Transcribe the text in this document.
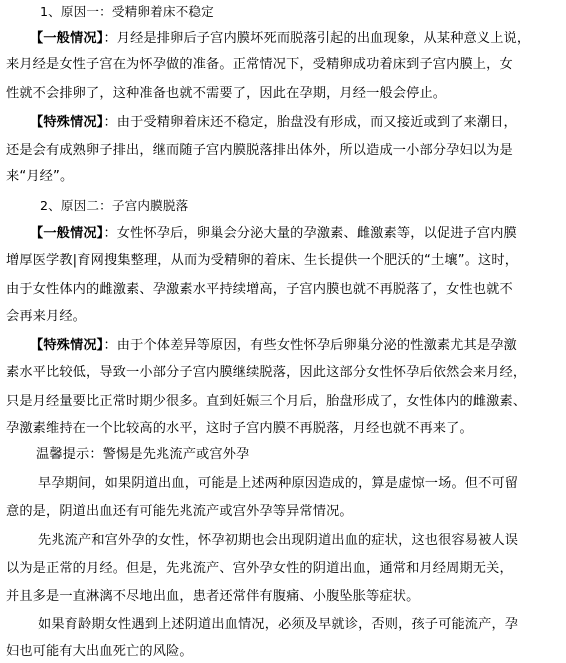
1、原因一：受精卵着床不稳定
【一般情况】：月经是排卵后子宫内膜坏死而脱落引起的出血现象，从某种意义上说，
来月经是女性子宫在为怀孕做的准备。正常情况下，受精卵成功着床到子宫内膜上，女
性就不会排卵了，这种准备也就不需要了，因此在孕期，月经一般会停止。
【特殊情况】：由于受精卵着床还不稳定，胎盘没有形成，而又接近或到了来潮日，
还是会有成熟卵子排出，继而随子宫内膜脱落排出体外，所以造成一小部分孕妇以为是
来“月经”。
2、原因二：子宫内膜脱落
【一般情况】：女性怀孕后，卵巢会分泌大量的孕激素、雌激素等，以促进子宫内膜
增厚医学教|育网搜集整理，从而为受精卵的着床、生长提供一个肥沃的“土壤”。这时，
由于女性体内的雌激素、孕激素水平持续增高，子宫内膜也就不再脱落了，女性也就不
会再来月经。
【特殊情况】：由于个体差异等原因，有些女性怀孕后卵巢分泌的性激素尤其是孕激
素水平比较低，导致一小部分子宫内膜继续脱落，因此这部分女性怀孕后依然会来月经，
只是月经量要比正常时期少很多。直到妊娠三个月后，胎盘形成了，女性体内的雌激素、
孕激素维持在一个比较高的水平，这时子宫内膜不再脱落，月经也就不再来了。
温馨提示：警惕是先兆流产或宫外孕
早孕期间，如果阴道出血，可能是上述两种原因造成的，算是虚惊一场。但不可留
意的是，阴道出血还有可能先兆流产或宫外孕等异常情况。
先兆流产和宫外孕的女性，怀孕初期也会出现阴道出血的症状，这也很容易被人误
以为是正常的月经。但是，先兆流产、宫外孕女性的阴道出血，通常和月经周期无关，
并且多是一直淋漓不尽地出血，患者还常伴有腹痛、小腹坠胀等症状。
如果育龄期女性遇到上述阴道出血情况，必须及早就诊，否则，孩子可能流产，孕
妇也可能有大出血死亡的风险。
